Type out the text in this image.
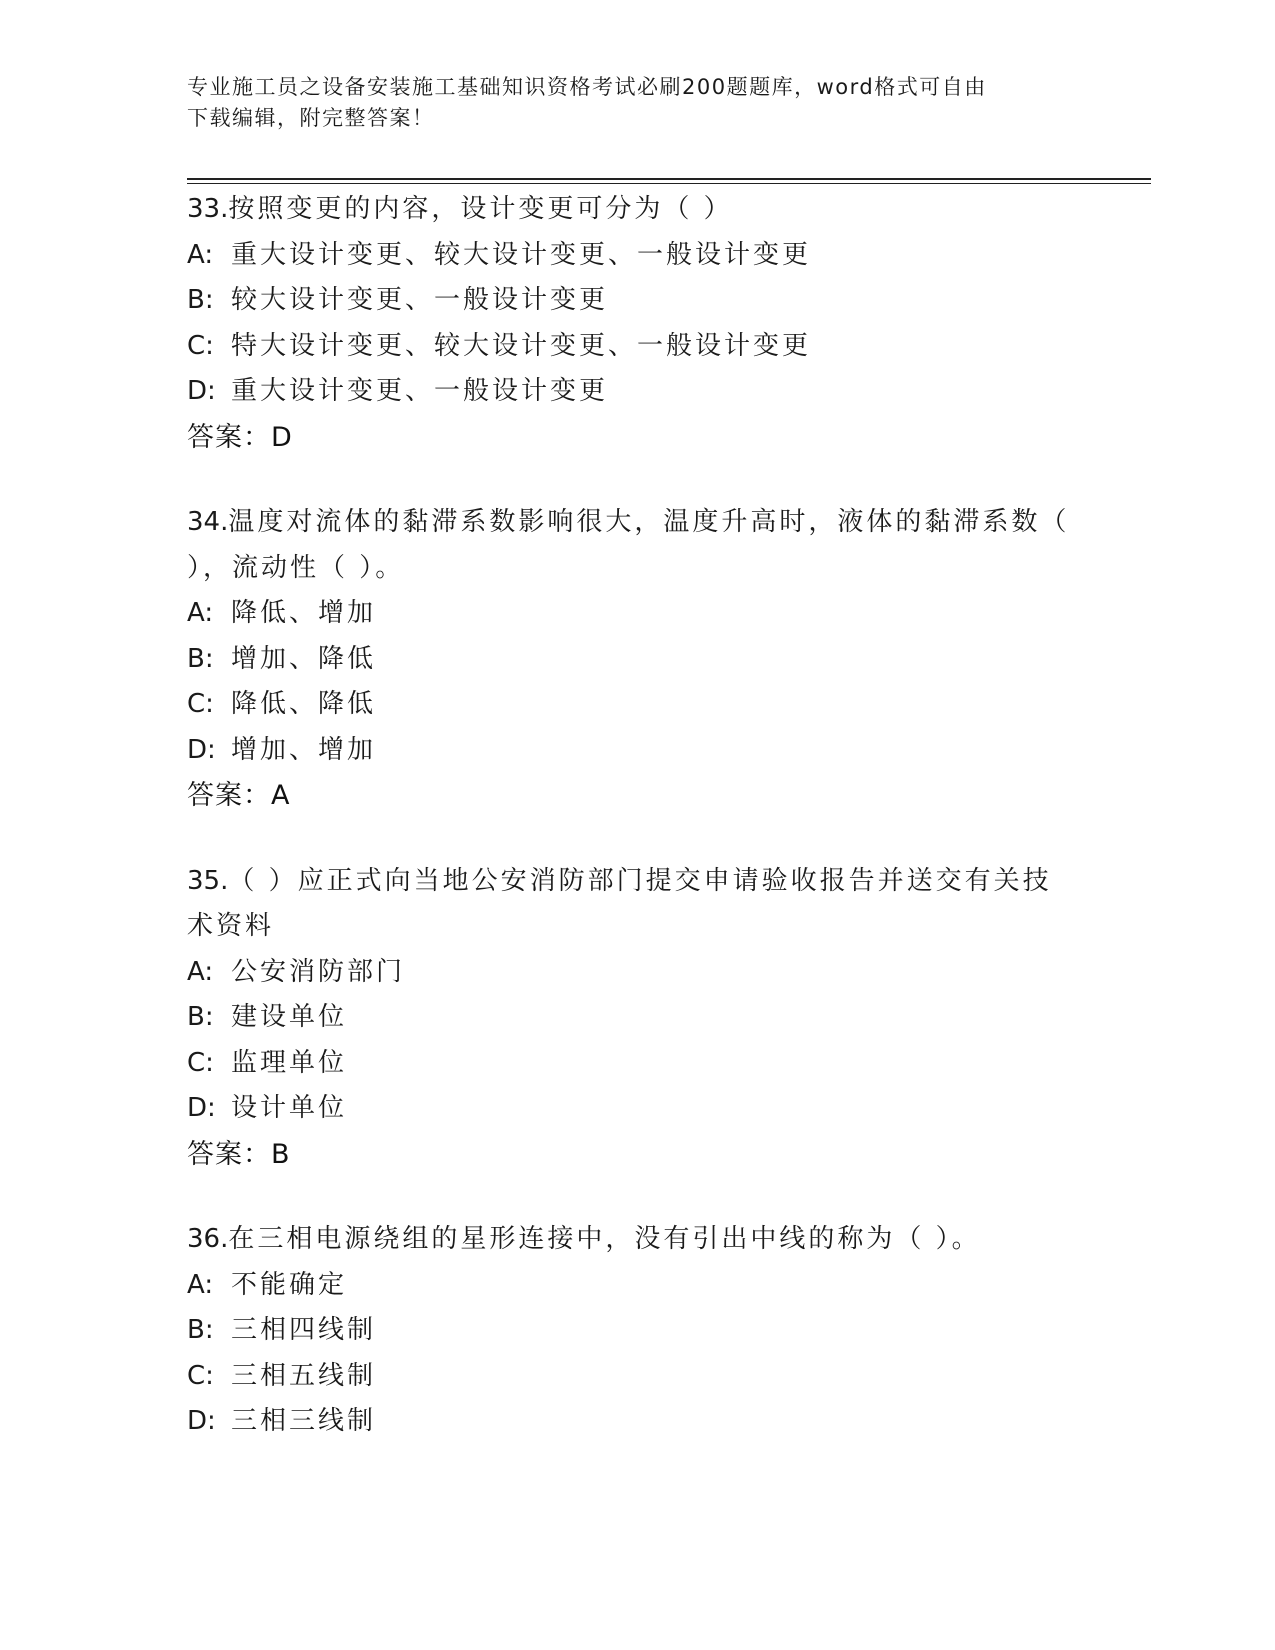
专业施工员之设备安装施工基础知识资格考试必刷200题题库，word格式可自由
下载编辑，附完整答案！
33.按照变更的内容，设计变更可分为（ ）
A: 重大设计变更、较大设计变更、一般设计变更
B: 较大设计变更、一般设计变更
C: 特大设计变更、较大设计变更、一般设计变更
D: 重大设计变更、一般设计变更
答案：D
34.温度对流体的黏滞系数影响很大，温度升高时，液体的黏滞系数（
），流动性（ ）。
A: 降低、增加
B: 增加、降低
C: 降低、降低
D: 增加、增加
答案：A
35.（ ）应正式向当地公安消防部门提交申请验收报告并送交有关技
术资料
A: 公安消防部门
B: 建设单位
C: 监理单位
D: 设计单位
答案：B
36.在三相电源绕组的星形连接中，没有引出中线的称为（ ）。
A: 不能确定
B: 三相四线制
C: 三相五线制
D: 三相三线制
